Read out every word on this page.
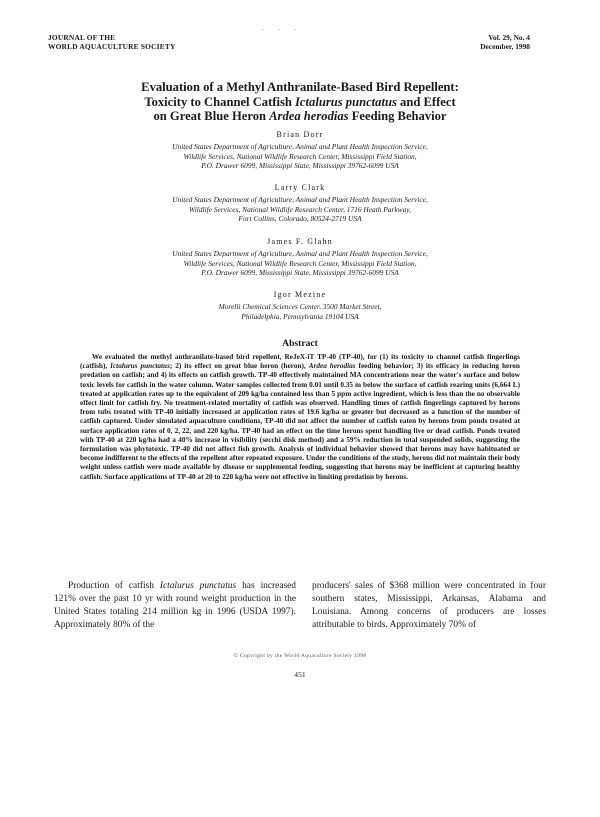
· · ·
JOURNAL OF THE
WORLD AQUACULTURE SOCIETY
Vol. 29, No. 4
December, 1998
Evaluation of a Methyl Anthranilate-Based Bird Repellent:
Toxicity to Channel Catfish Ictalurus punctatus and Effect
on Great Blue Heron Ardea herodias Feeding Behavior
Brian Dorr
United States Department of Agriculture, Animal and Plant Health Inspection Service,
Wildlife Services, National Wildlife Research Center, Mississippi Field Station,
P.O. Drawer 6099, Mississippi State, Mississippi 39762-6099 USA
Larry Clark
United States Department of Agriculture, Animal and Plant Health Inspection Service,
Wildlife Services, National Wildlife Research Center, 1716 Heath Parkway,
Fort Collins, Colorado, 80524-2719 USA
James F. Glahn
United States Department of Agriculture, Animal and Plant Health Inspection Service,
Wildlife Services, National Wildlife Research Center, Mississippi Field Station,
P.O. Drawer 6099, Mississippi State, Mississippi 39762-6099 USA
Igor Mezine
Morelli Chemical Sciences Center, 3500 Market Street,
Philadelphia, Pennsylvania 19104 USA
Abstract

We evaluated the methyl anthranilate-based bird repellent, ReJeX-iT TP-40 (TP-40), for (1) its toxicity to channel catfish fingerlings (catfish), Ictalurus punctatus; 2) its effect on great blue heron (heron), Ardea herodias feeding behavior; 3) its efficacy in reducing heron predation on catfish; and 4) its effects on catfish growth. TP-40 effectively maintained MA concentrations near the water's surface and below toxic levels for catfish in the water column. Water samples collected from 0.01 until 0.35 m below the surface of catfish rearing units (6,664 L) treated at application rates up to the equivalent of 209 kg/ha contained less than 5 ppm active ingredient, which is less than the no observable effect limit for catfish fry. No treatment-related mortality of catfish was observed. Handling times of catfish fingerlings captured by herons from tubs treated with TP-40 initially increased at application rates of 19.6 kg/ha or greater but decreased as a function of the number of catfish captured. Under simulated aquaculture conditions, TP-40 did not affect the number of catfish eaten by herons from ponds treated at surface application rates of 0, 2, 22, and 220 kg/ha. TP-40 had an effect on the time herons spent handling live or dead catfish. Ponds treated with TP-40 at 220 kg/ha had a 40% increase in visibility (secchi disk method) and a 59% reduction in total suspended solids, suggesting the formulation was phytotoxic. TP-40 did not affect fish growth. Analysis of individual behavior showed that herons may have habituated or become indifferent to the effects of the repellent after repeated exposure. Under the conditions of the study, herons did not maintain their body weight unless catfish were made available by disease or supplemental feeding, suggesting that herons may be inefficient at capturing healthy catfish. Surface applications of TP-40 at 20 to 220 kg/ha were not effective in limiting predation by herons.

Production of catfish Ictalurus punctatus has increased 121% over the past 10 yr with round weight production in the United States totaling 214 million kg in 1996 (USDA 1997). Approximately 80% of the

producers' sales of $368 million were concentrated in four southern states, Mississippi, Arkansas, Alabama and Louisiana. Among concerns of producers are losses attributable to birds. Approximately 70% of

© Copyright by the World Aquaculture Society 1998
451
